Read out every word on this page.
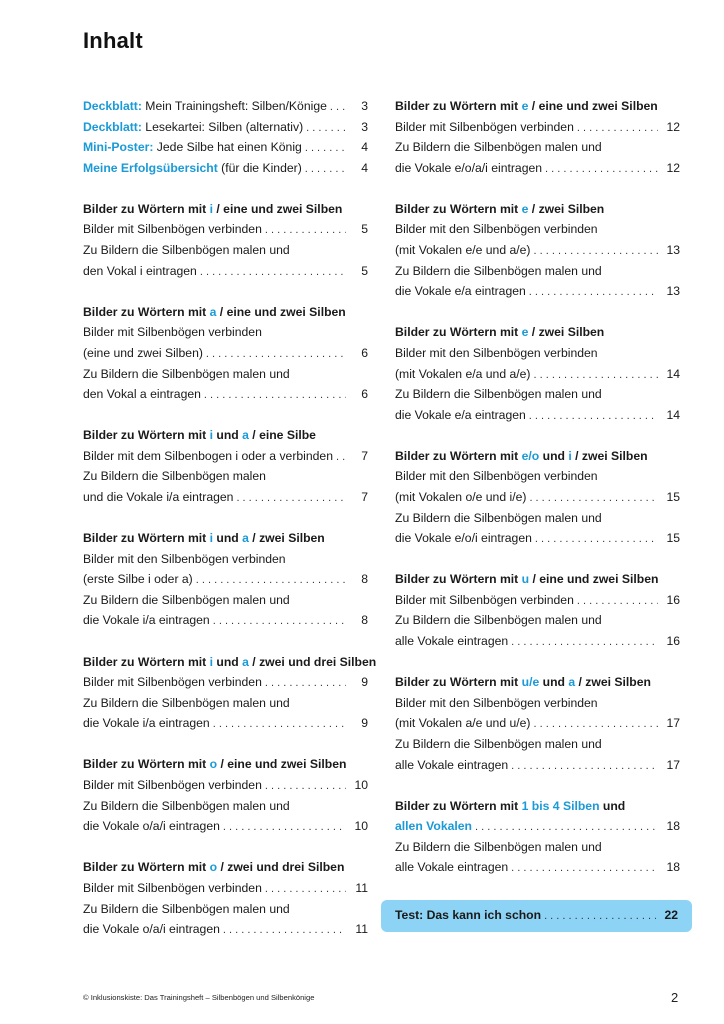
Inhalt
Deckblatt: Mein Trainingsheft: Silben/Könige . . .	3
Deckblatt: Lesekartei: Silben (alternativ) . . .	3
Mini-Poster: Jede Silbe hat einen König . . .	4
Meine Erfolgsübersicht (für die Kinder) . . .	4
Bilder zu Wörtern mit i / eine und zwei Silben
Bilder mit Silbenbögen verbinden . . .	5
Zu Bildern die Silbenbögen malen und
den Vokal i eintragen . . .	5
Bilder zu Wörtern mit a / eine und zwei Silben
Bilder mit Silbenbögen verbinden
(eine und zwei Silben) . . .	6
Zu Bildern die Silbenbögen malen und
den Vokal a eintragen . . .	6
Bilder zu Wörtern mit i und a / eine Silbe
Bilder mit dem Silbenbogen i oder a verbinden . . .	7
Zu Bildern die Silbenbögen malen
und die Vokale i/a eintragen . . .	7
Bilder zu Wörtern mit i und a / zwei Silben
Bilder mit den Silbenbögen verbinden
(erste Silbe i oder a) . . .	8
Zu Bildern die Silbenbögen malen und
die Vokale i/a eintragen . . .	8
Bilder zu Wörtern mit i und a / zwei und drei Silben
Bilder mit Silbenbögen verbinden . . .	9
Zu Bildern die Silbenbögen malen und
die Vokale i/a eintragen . . .	9
Bilder zu Wörtern mit o / eine und zwei Silben
Bilder mit Silbenbögen verbinden . . .	10
Zu Bildern die Silbenbögen malen und
die Vokale o/a/i eintragen . . .	10
Bilder zu Wörtern mit o / zwei und drei Silben
Bilder mit Silbenbögen verbinden . . .	11
Zu Bildern die Silbenbögen malen und
die Vokale o/a/i eintragen . . .	11
Bilder zu Wörtern mit e / eine und zwei Silben
Bilder mit Silbenbögen verbinden . . .	12
Zu Bildern die Silbenbögen malen und
die Vokale e/o/a/i eintragen . . .	12
Bilder zu Wörtern mit e / zwei Silben
Bilder mit den Silbenbögen verbinden
(mit Vokalen e/e und a/e) . . .	13
Zu Bildern die Silbenbögen malen und
die Vokale e/a eintragen . . .	13
Bilder zu Wörtern mit e / zwei Silben
Bilder mit den Silbenbögen verbinden
(mit Vokalen e/a und a/e) . . .	14
Zu Bildern die Silbenbögen malen und
die Vokale e/a eintragen . . .	14
Bilder zu Wörtern mit e/o und i / zwei Silben
Bilder mit den Silbenbögen verbinden
(mit Vokalen o/e und i/e) . . .	15
Zu Bildern die Silbenbögen malen und
die Vokale e/o/i eintragen . . .	15
Bilder zu Wörtern mit u / eine und zwei Silben
Bilder mit Silbenbögen verbinden . . .	16
Zu Bildern die Silbenbögen malen und
alle Vokale eintragen . . .	16
Bilder zu Wörtern mit u/e und a / zwei Silben
Bilder mit den Silbenbögen verbinden
(mit Vokalen a/e und u/e) . . .	17
Zu Bildern die Silbenbögen malen und
alle Vokale eintragen . . .	17
Bilder zu Wörtern mit 1 bis 4 Silben und
allen Vokalen . . .	18
Zu Bildern die Silbenbögen malen und
alle Vokale eintragen . . .	18
Test: Das kann ich schon . . .	22
© Inklusionskiste: Das Trainingsheft – Silbenbögen und Silbenkönige	2
